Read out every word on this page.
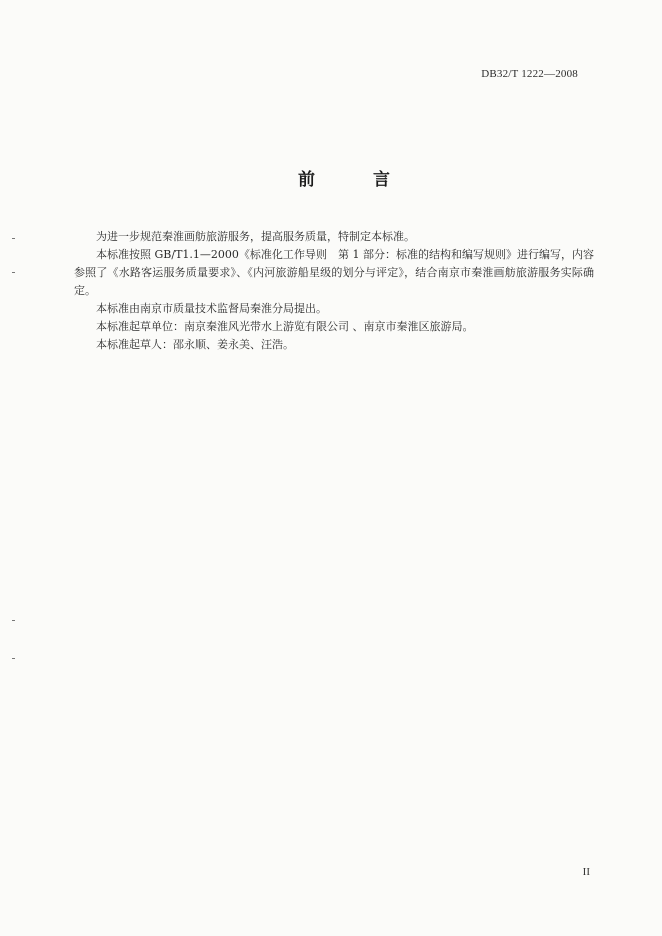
DB32/T 1222—2008
前 言

为进一步规范秦淮画舫旅游服务，提高服务质量，特制定本标准。

本标准按照 GB/T1.1—2000《标准化工作导则　第 1 部分：标准的结构和编写规则》进行编写，内容参照了《水路客运服务质量要求》、《内河旅游船星级的划分与评定》，结合南京市秦淮画舫旅游服务实际确定。

本标准由南京市质量技术监督局秦淮分局提出。

本标准起草单位：南京秦淮风光带水上游览有限公司 、南京市秦淮区旅游局。

本标准起草人：邵永顺、姜永美、汪浩。

II
